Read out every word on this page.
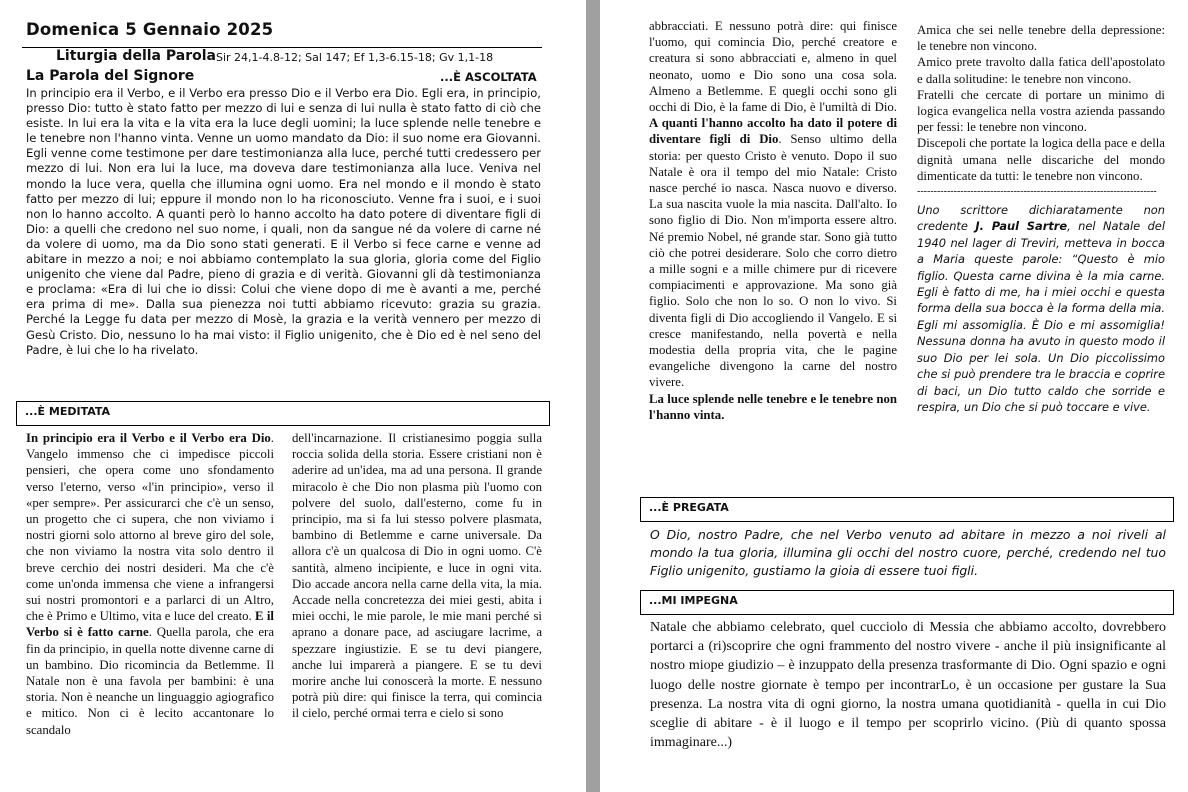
Domenica 5 Gennaio 2025
Liturgia della Parola Sir 24,1-4.8-12; Sal 147; Ef 1,3-6.15-18; Gv 1,1-18
La Parola del Signore	...È ASCOLTATA

In principio era il Verbo, e il Verbo era presso Dio e il Verbo era Dio. Egli era, in principio, presso Dio: tutto è stato fatto per mezzo di lui e senza di lui nulla è stato fatto di ciò che esiste. In lui era la vita e la vita era la luce degli uomini; la luce splende nelle tenebre e le tenebre non l'hanno vinta. Venne un uomo mandato da Dio: il suo nome era Giovanni. Egli venne come testimone per dare testimonianza alla luce, perché tutti credessero per mezzo di lui. Non era lui la luce, ma doveva dare testimonianza alla luce. Veniva nel mondo la luce vera, quella che illumina ogni uomo. Era nel mondo e il mondo è stato fatto per mezzo di lui; eppure il mondo non lo ha riconosciuto. Venne fra i suoi, e i suoi non lo hanno accolto. A quanti però lo hanno accolto ha dato potere di diventare figli di Dio: a quelli che credono nel suo nome, i quali, non da sangue né da volere di carne né da volere di uomo, ma da Dio sono stati generati. E il Verbo si fece carne e venne ad abitare in mezzo a noi; e noi abbiamo contemplato la sua gloria, gloria come del Figlio unigenito che viene dal Padre, pieno di grazia e di verità. Giovanni gli dà testimonianza e proclama: «Era di lui che io dissi: Colui che viene dopo di me è avanti a me, perché era prima di me». Dalla sua pienezza noi tutti abbiamo ricevuto: grazia su grazia. Perché la Legge fu data per mezzo di Mosè, la grazia e la verità vennero per mezzo di Gesù Cristo. Dio, nessuno lo ha mai visto: il Figlio unigenito, che è Dio ed è nel seno del Padre, è lui che lo ha rivelato.

...È MEDITATA

In principio era il Verbo e il Verbo era Dio. Vangelo immenso che ci impedisce piccoli pensieri, che opera come uno sfondamento verso l'eterno, verso «l'in principio», verso il «per sempre». Per assicurarci che c'è un senso, un progetto che ci supera, che non viviamo i nostri giorni solo attorno al breve giro del sole, che non viviamo la nostra vita solo dentro il breve cerchio dei nostri desideri. Ma che c'è come un'onda immensa che viene a infrangersi sui nostri promontori e a parlarci di un Altro, che è Primo e Ultimo, vita e luce del creato. E il Verbo si è fatto carne. Quella parola, che era fin da principio, in quella notte divenne carne di un bambino. Dio ricomincia da Betlemme. Il Natale non è una favola per bambini: è una storia. Non è neanche un linguaggio agiografico e mitico. Non ci è lecito accantonare lo scandalo

dell'incarnazione. Il cristianesimo poggia sulla roccia solida della storia. Essere cristiani non è aderire ad un'idea, ma ad una persona. Il grande miracolo è che Dio non plasma più l'uomo con polvere del suolo, dall'esterno, come fu in principio, ma si fa lui stesso polvere plasmata, bambino di Betlemme e carne universale. Da allora c'è un qualcosa di Dio in ogni uomo. C'è santità, almeno incipiente, e luce in ogni vita. Dio accade ancora nella carne della vita, la mia. Accade nella concretezza dei miei gesti, abita i miei occhi, le mie parole, le mie mani perché si aprano a donare pace, ad asciugare lacrime, a spezzare ingiustizie. E se tu devi piangere, anche lui imparerà a piangere. E se tu devi morire anche lui conoscerà la morte. E nessuno potrà più dire: qui finisce la terra, qui comincia il cielo, perché ormai terra e cielo si sono

abbracciati. E nessuno potrà dire: qui finisce l'uomo, qui comincia Dio, perché creatore e creatura si sono abbracciati e, almeno in quel neonato, uomo e Dio sono una cosa sola. Almeno a Betlemme. E quegli occhi sono gli occhi di Dio, è la fame di Dio, è l'umiltà di Dio. A quanti l'hanno accolto ha dato il potere di diventare figli di Dio. Senso ultimo della storia: per questo Cristo è venuto. Dopo il suo Natale è ora il tempo del mio Natale: Cristo nasce perché io nasca. Nasca nuovo e diverso. La sua nascita vuole la mia nascita. Dall'alto. Io sono figlio di Dio. Non m'importa essere altro. Né premio Nobel, né grande star. Sono già tutto ciò che potrei desiderare. Solo che corro dietro a mille sogni e a mille chimere pur di ricevere compiacimenti e approvazione. Ma sono già figlio. Solo che non lo so. O non lo vivo. Si diventa figli di Dio accogliendo il Vangelo. E si cresce manifestando, nella povertà e nella modestia della propria vita, che le pagine evangeliche divengono la carne del nostro vivere.

La luce splende nelle tenebre e le tenebre non l'hanno vinta.

Amica che sei nelle tenebre della depressione: le tenebre non vincono.

Amico prete travolto dalla fatica dell'apostolato e dalla solitudine: le tenebre non vincono.

Fratelli che cercate di portare un minimo di logica evangelica nella vostra azienda passando per fessi: le tenebre non vincono.

Discepoli che portate la logica della pace e della dignità umana nelle discariche del mondo dimenticate da tutti: le tenebre non vincono.

------------------------------------------------------------------------

Uno scrittore dichiaratamente non credente J. Paul Sartre, nel Natale del 1940 nel lager di Treviri, metteva in bocca a Maria queste parole: “Questo è mio figlio. Questa carne divina è la mia carne. Egli è fatto di me, ha i miei occhi e questa forma della sua bocca è la forma della mia. Egli mi assomiglia. È Dio e mi assomiglia! Nessuna donna ha avuto in questo modo il suo Dio per lei sola. Un Dio piccolissimo che si può prendere tra le braccia e coprire di baci, un Dio tutto caldo che sorride e respira, un Dio che si può toccare e vive.

...È PREGATA

O Dio, nostro Padre, che nel Verbo venuto ad abitare in mezzo a noi riveli al mondo la tua gloria, illumina gli occhi del nostro cuore, perché, credendo nel tuo Figlio unigenito, gustiamo la gioia di essere tuoi figli.

...MI IMPEGNA

Natale che abbiamo celebrato, quel cucciolo di Messia che abbiamo accolto, dovrebbero portarci a (ri)scoprire che ogni frammento del nostro vivere - anche il più insignificante al nostro miope giudizio – è inzuppato della presenza trasformante di Dio. Ogni spazio e ogni luogo delle nostre giornate è tempo per incontrarLo, è un occasione per gustare la Sua presenza. La nostra vita di ogni giorno, la nostra umana quotidianità - quella in cui Dio sceglie di abitare - è il luogo e il tempo per scoprirlo vicino. (Più di quanto spossa immaginare...)
